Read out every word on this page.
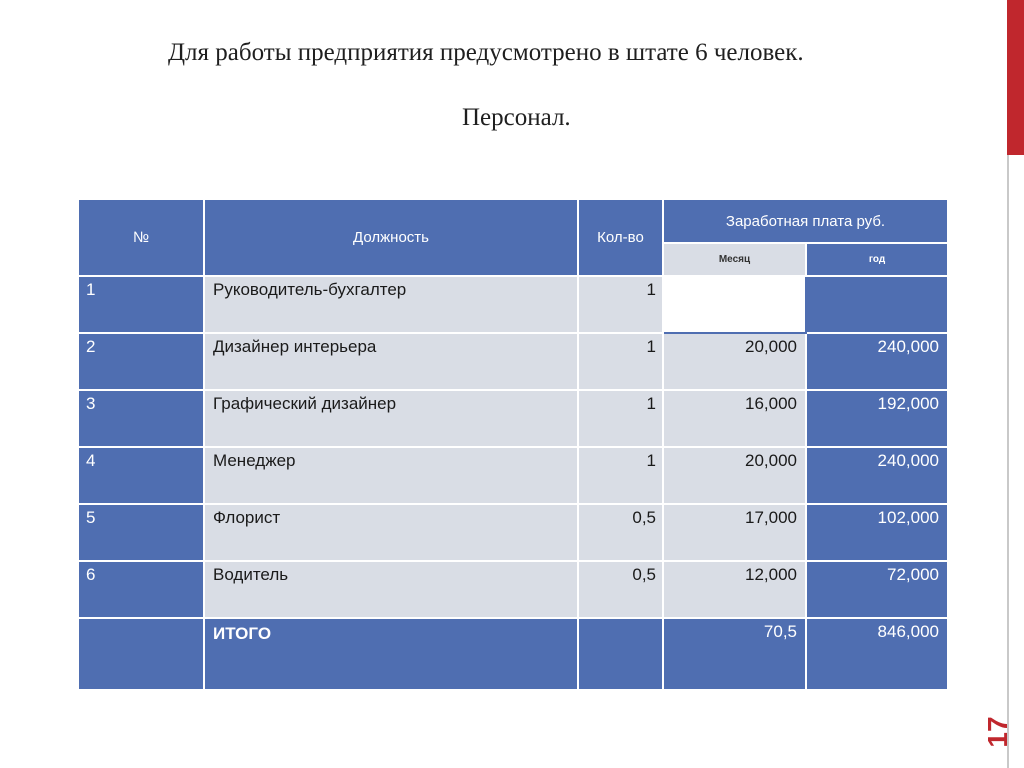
Для работы предприятия предусмотрено в штате 6 человек.

Персонал.

№	Должность	Кол-во	Заработная плата руб.	
			Месяц	год
1	Руководитель-бухгалтер	1		
2	Дизайнер интерьера	1	20,000	240,000
3	Графический дизайнер	1	16,000	192,000
4	Менеджер	1	20,000	240,000
5	Флорист	0,5	17,000	102,000
6	Водитель	0,5	12,000	72,000
	ИТОГО		70,5	846,000
17
